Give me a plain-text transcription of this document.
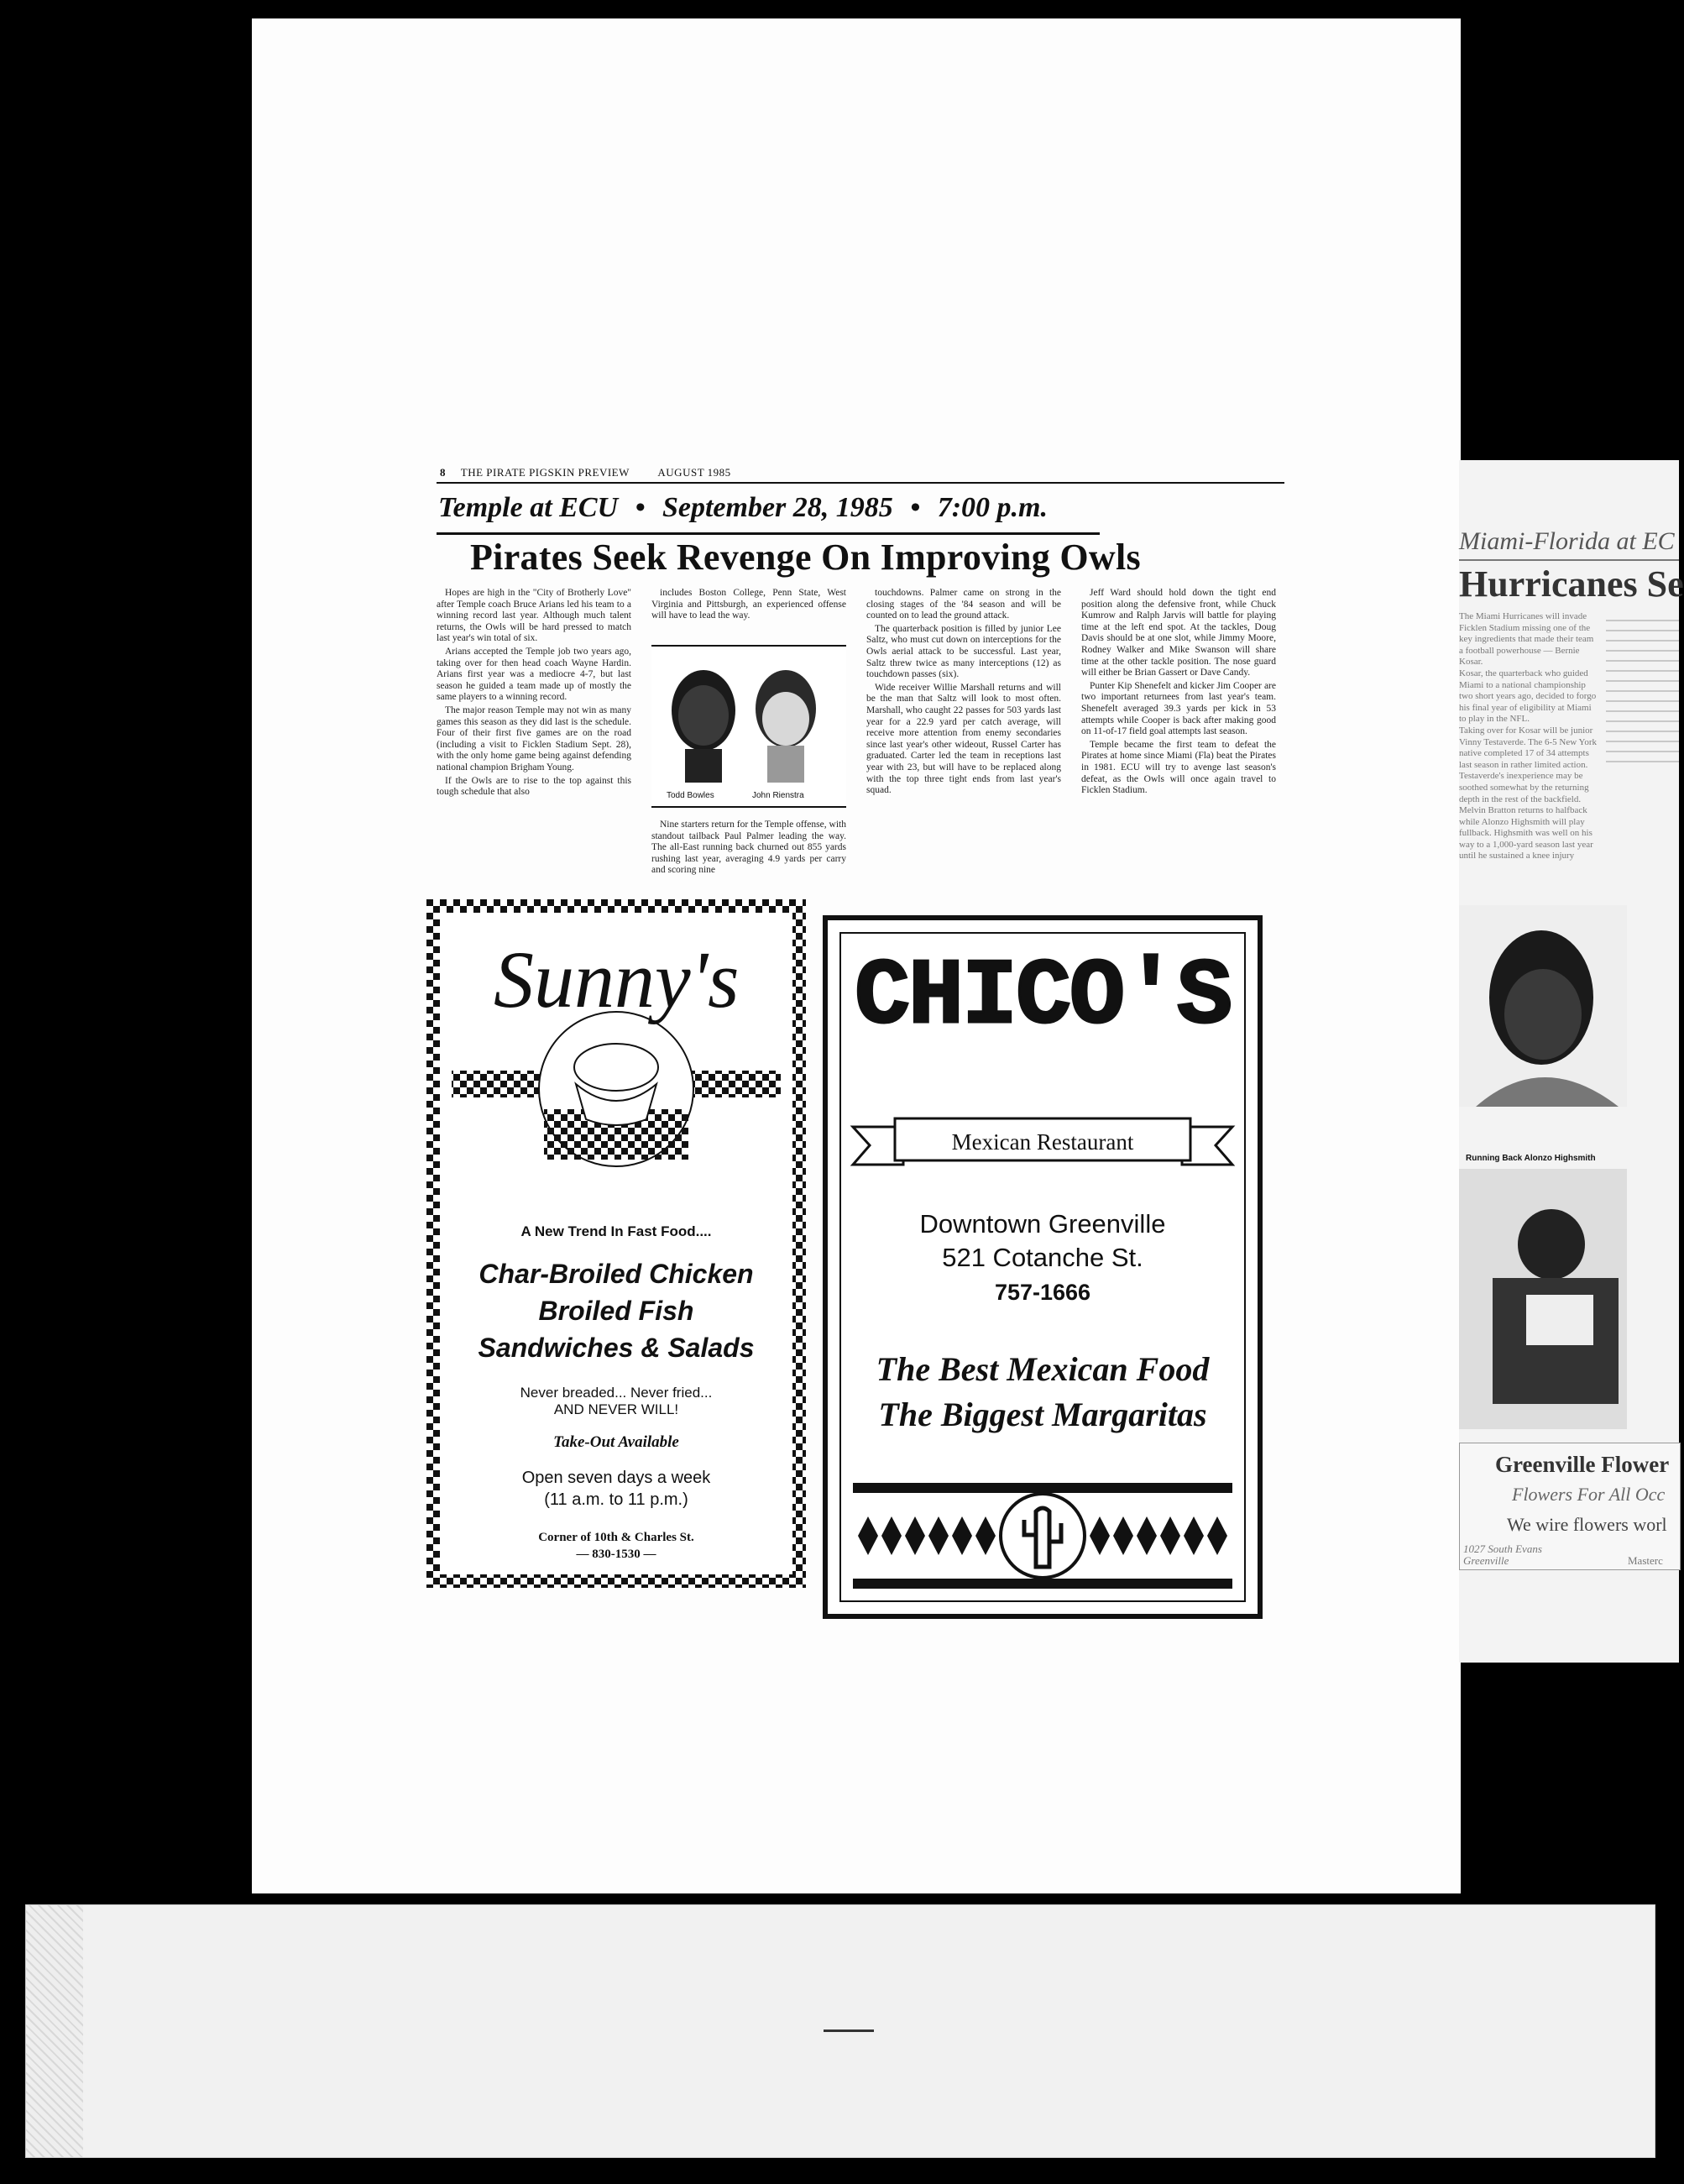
8 THE PIRATE PIGSKIN PREVIEW	AUGUST 1985
Temple at ECU • September 28, 1985 • 7:00 p.m.
Pirates Seek Revenge On Improving Owls

Hopes are high in the "City of Brotherly Love" after Temple coach Bruce Arians led his team to a winning record last year. Although much talent returns, the Owls will be hard pressed to match last year's win total of six.

Arians accepted the Temple job two years ago, taking over for then head coach Wayne Hardin. Arians first year was a mediocre 4-7, but last season he guided a team made up of mostly the same players to a winning record.

The major reason Temple may not win as many games this season as they did last is the schedule. Four of their first five games are on the road (including a visit to Ficklen Stadium Sept. 28), with the only home game being against defending national champion Brigham Young.

If the Owls are to rise to the top against this tough schedule that also

includes Boston College, Penn State, West Virginia and Pittsburgh, an experienced offense will have to lead the way.

Todd Bowles	John Rienstra

Nine starters return for the Temple offense, with standout tailback Paul Palmer leading the way. The all-East running back churned out 855 yards rushing last year, averaging 4.9 yards per carry and scoring nine

touchdowns. Palmer came on strong in the closing stages of the '84 season and will be counted on to lead the ground attack.

The quarterback position is filled by junior Lee Saltz, who must cut down on interceptions for the Owls aerial attack to be successful. Last year, Saltz threw twice as many interceptions (12) as touchdown passes (six).

Wide receiver Willie Marshall returns and will be the man that Saltz will look to most often. Marshall, who caught 22 passes for 503 yards last year for a 22.9 yard per catch average, will receive more attention from enemy secondaries since last year's other wideout, Russel Carter has graduated. Carter led the team in receptions last year with 23, but will have to be replaced along with the top three tight ends from last year's squad.

Jeff Ward should hold down the tight end position along the defensive front, while Chuck Kumrow and Ralph Jarvis will battle for playing time at the left end spot. At the tackles, Doug Davis should be at one slot, while Jimmy Moore, Rodney Walker and Mike Swanson will share time at the other tackle position. The nose guard will either be Brian Gassert or Dave Candy.

Punter Kip Shenefelt and kicker Jim Cooper are two important returnees from last year's team. Shenefelt averaged 39.3 yards per kick in 53 attempts while Cooper is back after making good on 11-of-17 field goal attempts last season.

Temple became the first team to defeat the Pirates at home since Miami (Fla) beat the Pirates in 1981. ECU will try to avenge last season's defeat, as the Owls will once again travel to Ficklen Stadium.

Sunny's
A New Trend In Fast Food....
Char-Broiled Chicken
Broiled Fish
Sandwiches & Salads
Never breaded... Never fried...
AND NEVER WILL!
Take-Out Available
Open seven days a week
(11 a.m. to 11 p.m.)
Corner of 10th & Charles St.
— 830-1530 —
CHICO'S
Mexican Restaurant
Downtown Greenville
521 Cotanche St.
757-1666
The Best Mexican Food
The Biggest Margaritas
Miami-Florida at EC
Hurricanes Se
The Miami Hurricanes will invade Ficklen Stadium missing one of the key ingredients that made their team a football powerhouse — Bernie Kosar.
Kosar, the quarterback who guided Miami to a national championship two short years ago, decided to forgo his final year of eligibility at Miami to play in the NFL.
Taking over for Kosar will be junior Vinny Testaverde. The 6-5 New York native completed 17 of 34 attempts last season in rather limited action.
Testaverde's inexperience may be soothed somewhat by the returning depth in the rest of the backfield. Melvin Bratton returns to halfback while Alonzo Highsmith will play fullback. Highsmith was well on his way to a 1,000-yard season last year until he sustained a knee injury
Running Back Alonzo Highsmith
Greenville Flower
Flowers For All Occ
We wire flowers worl
1027 South Evans
Greenville	Masterc
